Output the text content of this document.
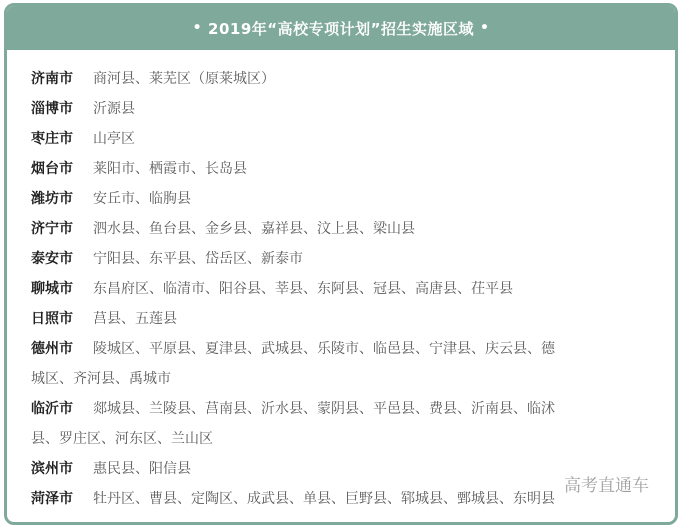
• 2019年“高校专项计划”招生实施区域 •
济南市	商河县、莱芜区（原莱城区）
淄博市	沂源县
枣庄市	山亭区
烟台市	莱阳市、栖霞市、长岛县
潍坊市	安丘市、临朐县
济宁市	泗水县、鱼台县、金乡县、嘉祥县、汶上县、梁山县
泰安市	宁阳县、东平县、岱岳区、新泰市
聊城市	东昌府区、临清市、阳谷县、莘县、东阿县、冠县、高唐县、茌平县
日照市	莒县、五莲县
德州市	陵城区、平原县、夏津县、武城县、乐陵市、临邑县、宁津县、庆云县、德
城区、齐河县、禹城市
临沂市	郯城县、兰陵县、莒南县、沂水县、蒙阴县、平邑县、费县、沂南县、临沭
县、罗庄区、河东区、兰山区
滨州市	惠民县、阳信县
菏泽市	牡丹区、曹县、定陶区、成武县、单县、巨野县、郓城县、鄄城县、东明县
高考直通车
